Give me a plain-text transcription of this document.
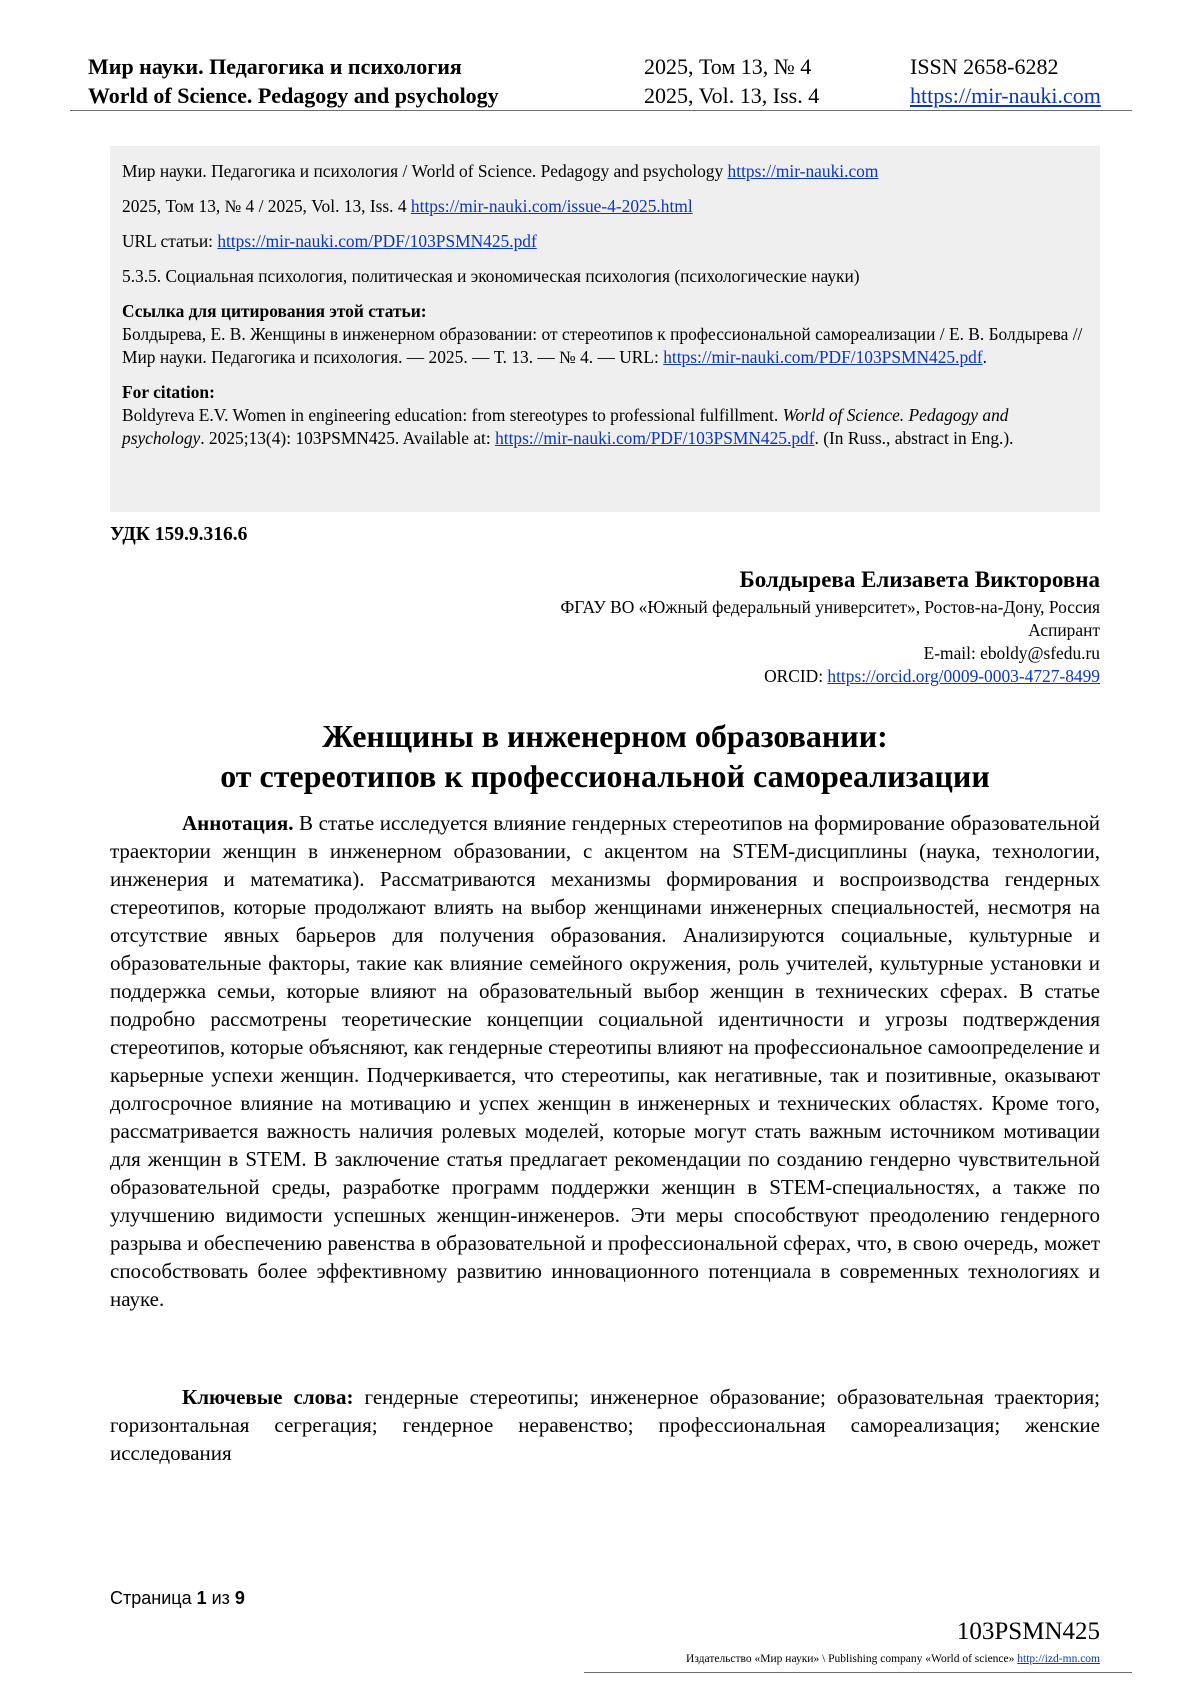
Мир науки. Педагогика и психология	2025, Том 13, № 4	ISSN 2658-6282
World of Science. Pedagogy and psychology	2025, Vol. 13, Iss. 4	https://mir-nauki.com

Мир науки. Педагогика и психология / World of Science. Pedagogy and psychology https://mir-nauki.com

2025, Том 13, № 4 / 2025, Vol. 13, Iss. 4 https://mir-nauki.com/issue-4-2025.html

URL статьи: https://mir-nauki.com/PDF/103PSMN425.pdf

5.3.5. Социальная психология, политическая и экономическая психология (психологические науки)

Ссылка для цитирования этой статьи:

Болдырева, Е. В. Женщины в инженерном образовании: от стереотипов к профессиональной самореализации / Е. В. Болдырева // Мир науки. Педагогика и психология. — 2025. — Т. 13. — № 4. — URL: https://mir-nauki.com/PDF/103PSMN425.pdf.

For citation:

Boldyreva E.V. Women in engineering education: from stereotypes to professional fulfillment. World of Science. Pedagogy and psychology. 2025;13(4): 103PSMN425. Available at: https://mir-nauki.com/PDF/103PSMN425.pdf. (In Russ., abstract in Eng.).

УДК 159.9.316.6
Болдырева Елизавета Викторовна
ФГАУ ВО «Южный федеральный университет», Ростов-на-Дону, Россия
Аспирант
E-mail: eboldy@sfedu.ru
ORCID: https://orcid.org/0009-0003-4727-8499
Женщины в инженерном образовании:
от стереотипов к профессиональной самореализации
Аннотация. В статье исследуется влияние гендерных стереотипов на формирование образовательной траектории женщин в инженерном образовании, с акцентом на STEM-дисциплины (наука, технологии, инженерия и математика). Рассматриваются механизмы формирования и воспроизводства гендерных стереотипов, которые продолжают влиять на выбор женщинами инженерных специальностей, несмотря на отсутствие явных барьеров для получения образования. Анализируются социальные, культурные и образовательные факторы, такие как влияние семейного окружения, роль учителей, культурные установки и поддержка семьи, которые влияют на образовательный выбор женщин в технических сферах. В статье подробно рассмотрены теоретические концепции социальной идентичности и угрозы подтверждения стереотипов, которые объясняют, как гендерные стереотипы влияют на профессиональное самоопределение и карьерные успехи женщин. Подчеркивается, что стереотипы, как негативные, так и позитивные, оказывают долгосрочное влияние на мотивацию и успех женщин в инженерных и технических областях. Кроме того, рассматривается важность наличия ролевых моделей, которые могут стать важным источником мотивации для женщин в STEM. В заключение статья предлагает рекомендации по созданию гендерно чувствительной образовательной среды, разработке программ поддержки женщин в STEM-специальностях, а также по улучшению видимости успешных женщин-инженеров. Эти меры способствуют преодолению гендерного разрыва и обеспечению равенства в образовательной и профессиональной сферах, что, в свою очередь, может способствовать более эффективному развитию инновационного потенциала в современных технологиях и науке.
Ключевые слова: гендерные стереотипы; инженерное образование; образовательная траектория; горизонтальная сегрегация; гендерное неравенство; профессиональная самореализация; женские исследования
Страница 1 из 9
103PSMN425
Издательство «Мир науки» \ Publishing company «World of science» http://izd-mn.com
